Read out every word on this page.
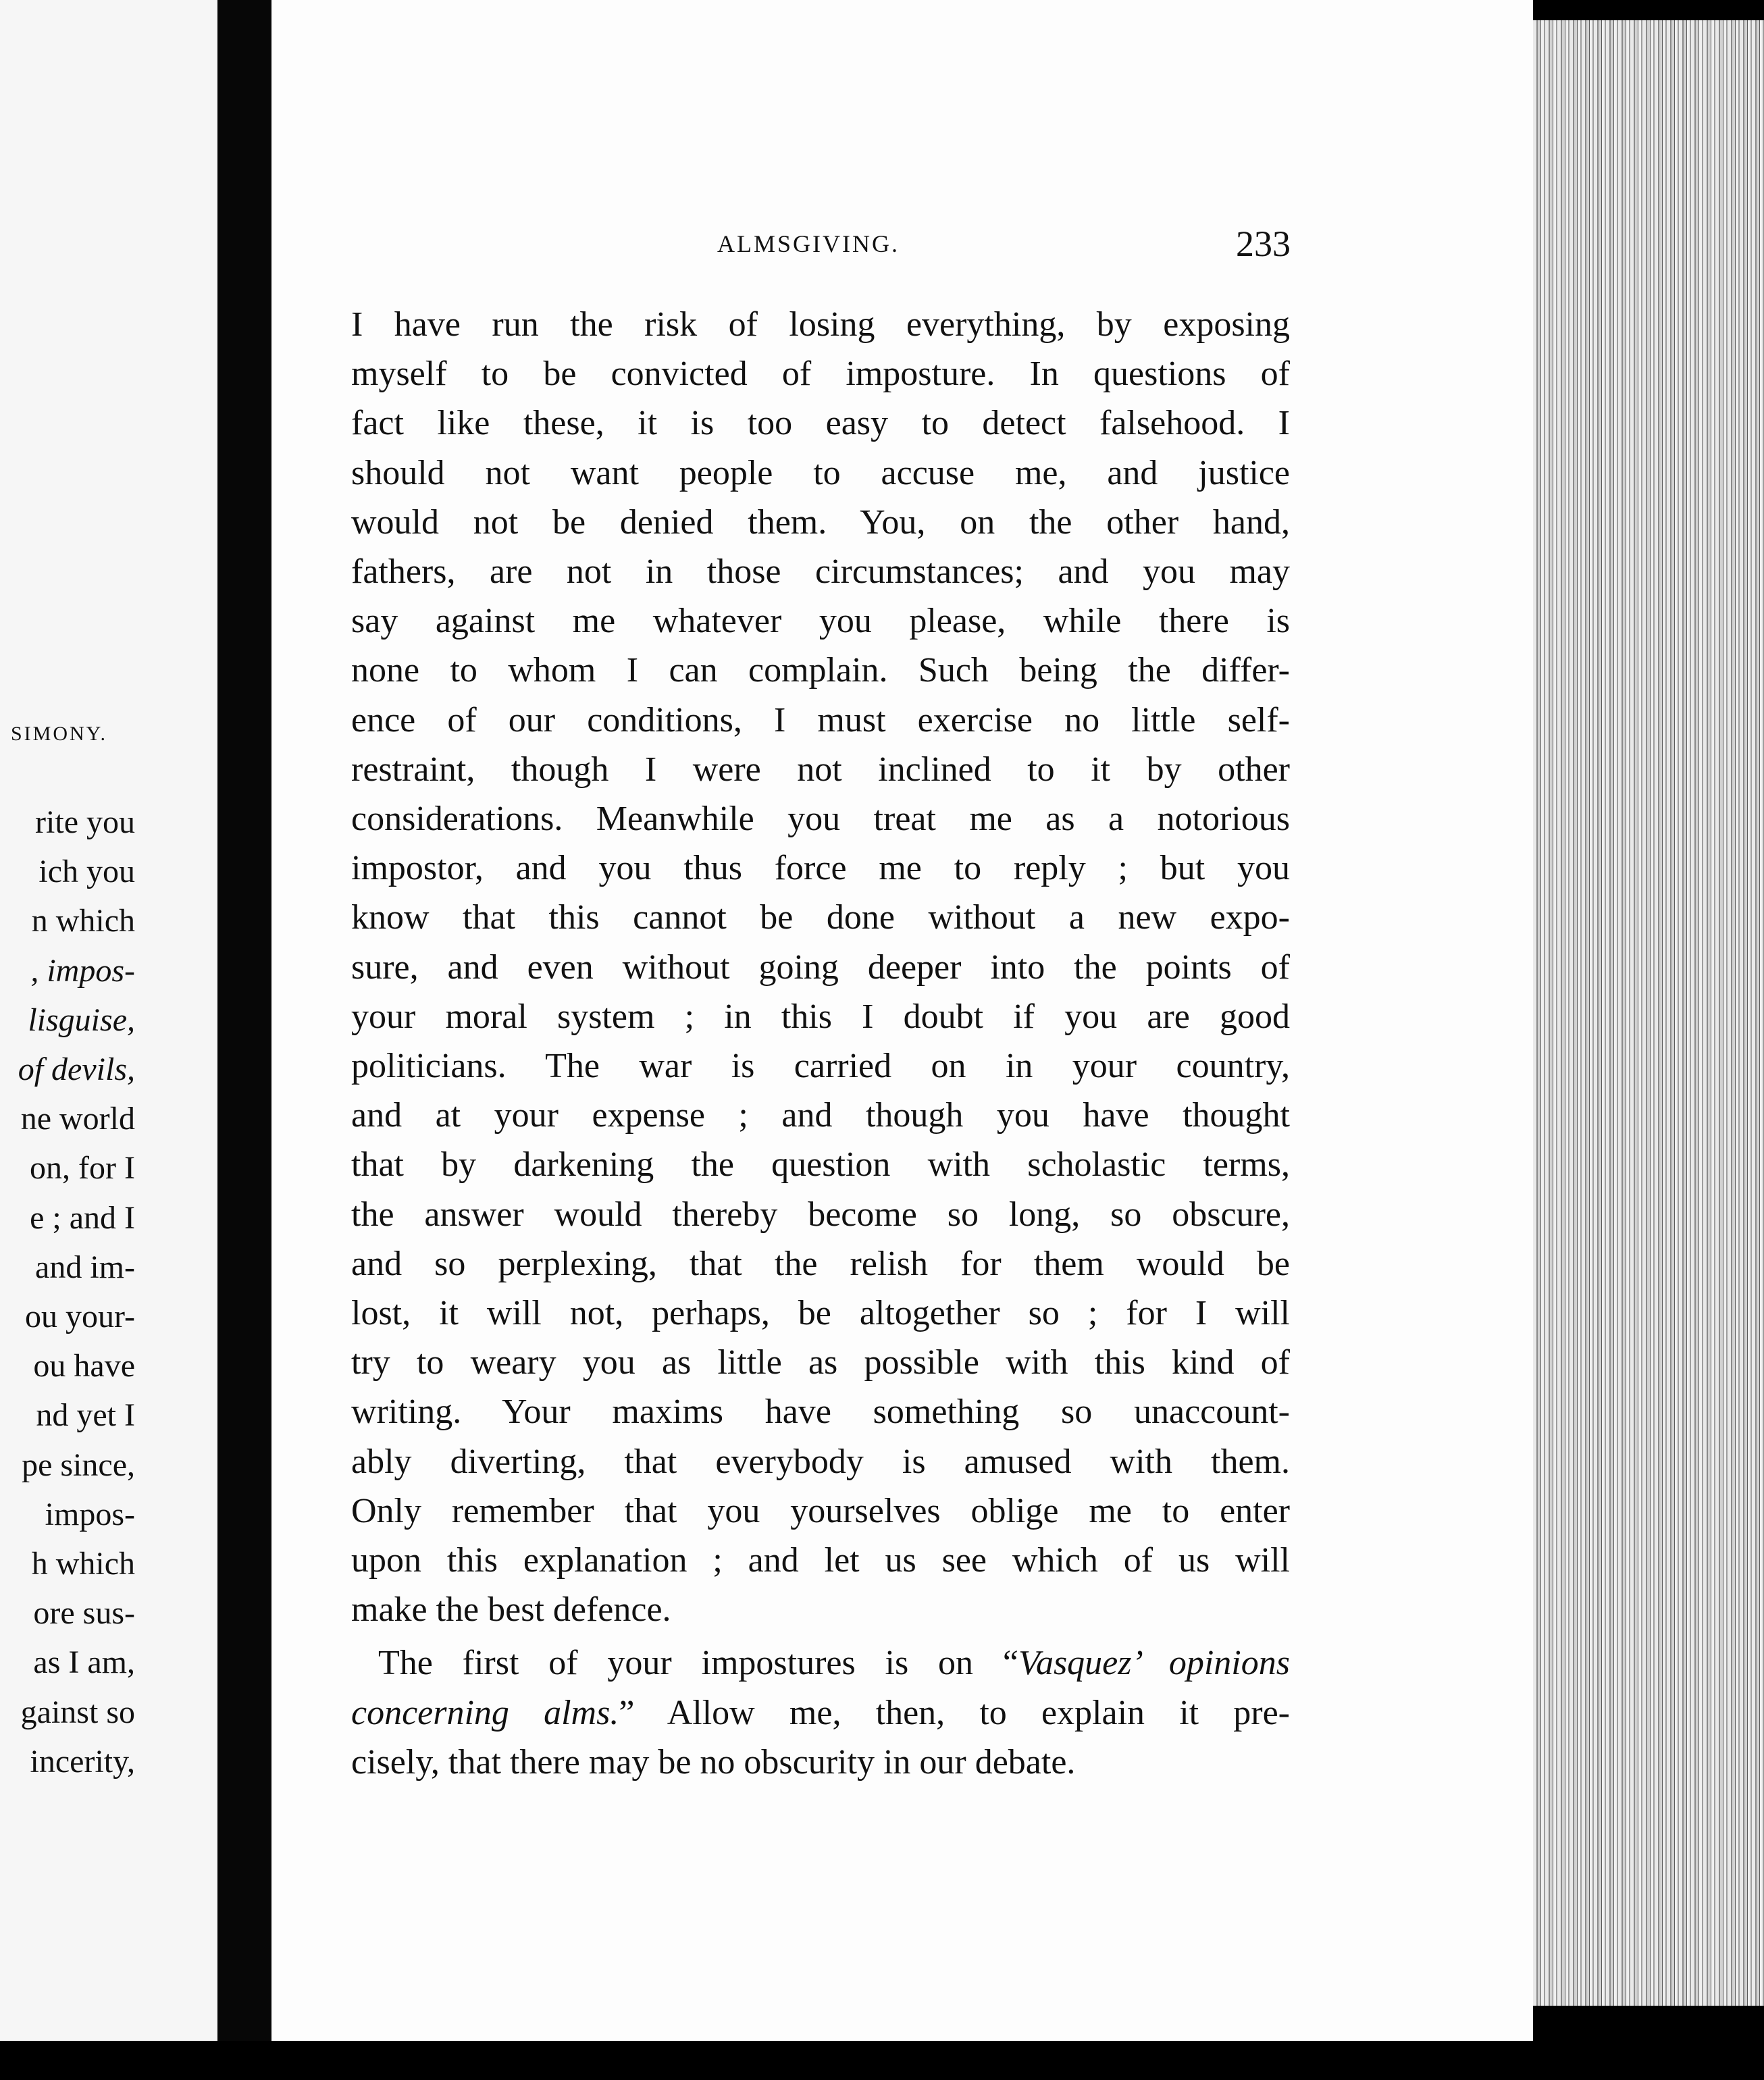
SIMONY.
rite you
ich you
n which
, impos-
lisguise,
of devils,
ne world
on, for I
e ; and I
and im-
ou your-
ou have
nd yet I
pe since,
impos-
h which
ore sus-
as I am,
gainst so
incerity,
ALMSGIVING.	233
I have run the risk of losing everything, by exposing
myself to be convicted of imposture. In questions of
fact like these, it is too easy to detect falsehood. I
should not want people to accuse me, and justice
would not be denied them. You, on the other hand,
fathers, are not in those circumstances; and you may
say against me whatever you please, while there is
none to whom I can complain. Such being the differ-
ence of our conditions, I must exercise no little self-
restraint, though I were not inclined to it by other
considerations. Meanwhile you treat me as a notorious
impostor, and you thus force me to reply ; but you
know that this cannot be done without a new expo-
sure, and even without going deeper into the points of
your moral system ; in this I doubt if you are good
politicians. The war is carried on in your country,
and at your expense ; and though you have thought
that by darkening the question with scholastic terms,
the answer would thereby become so long, so obscure,
and so perplexing, that the relish for them would be
lost, it will not, perhaps, be altogether so ; for I will
try to weary you as little as possible with this kind of
writing. Your maxims have something so unaccount-
ably diverting, that everybody is amused with them.
Only remember that you yourselves oblige me to enter
upon this explanation ; and let us see which of us will
make the best defence.
The first of your impostures is on “Vasquez’ opinions
concerning alms.” Allow me, then, to explain it pre-
cisely, that there may be no obscurity in our debate.
